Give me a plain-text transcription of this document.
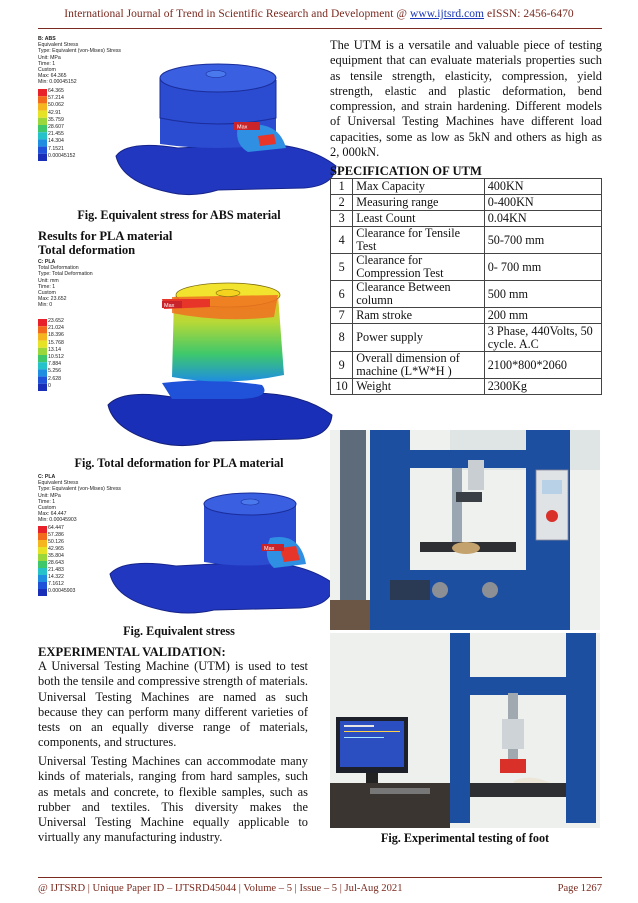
International Journal of Trend in Scientific Research and Development @ www.ijtsrd.com eISSN: 2456-6470
B: ABS
Equivalent Stress
Type: Equivalent (von-Mises) Stress
Unit: MPa
Time: 1
Custom
Max: 64.365
Min: 0.00045152
64.365
57.214
50.062
42.91
35.759
28.607
21.455
14.304
7.1521
0.00045152
Max
Fig. Equivalent stress for ABS material
Results for PLA material
Total deformation
C: PLA
Total Deformation
Type: Total Deformation
Unit: mm
Time: 1
Custom
Max: 23.652
Min: 0
23.652
21.024
18.396
15.768
13.14
10.512
7.884
5.256
2.628
0
Max
Fig. Total deformation for PLA material
C: PLA
Equivalent Stress
Type: Equivalent (von-Mises) Stress
Unit: MPa
Time: 1
Custom
Max: 64.447
Min: 0.00045903
64.447
57.286
50.126
42.965
35.804
28.643
21.483
14.322
7.1612
0.00045903
Max
Fig. Equivalent stress
EXPERIMENTAL VALIDATION:
A Universal Testing Machine (UTM) is used to test both the tensile and compressive strength of materials. Universal Testing Machines are named as such because they can perform many different varieties of tests on an equally diverse range of materials, components, and structures.
Universal Testing Machines can accommodate many kinds of materials, ranging from hard samples, such as metals and concrete, to flexible samples, such as rubber and textiles. This diversity makes the Universal Testing Machine equally applicable to virtually any manufacturing industry.
The UTM is a versatile and valuable piece of testing equipment that can evaluate materials properties such as tensile strength, elasticity, compression, yield strength, elastic and plastic deformation, bend compression, and strain hardening. Different models of Universal Testing Machines have different load capacities, some as low as 5kN and others as high as 2, 000kN.
SPECIFICATION OF UTM
1	Max Capacity	400KN
2	Measuring range	0-400KN
3	Least Count	0.04KN
4	Clearance for Tensile Test	50-700 mm
5	Clearance for Compression Test	0- 700 mm
6	Clearance Between column	500 mm
7	Ram stroke	200 mm
8	Power supply	3 Phase, 440Volts, 50 cycle. A.C
9	Overall dimension of machine (L*W*H )	2100*800*2060
10	Weight	2300Kg
Fig. Experimental testing of foot
@ IJTSRD | Unique Paper ID – IJTSRD45044 | Volume – 5 | Issue – 5 | Jul-Aug 2021	Page 1267
